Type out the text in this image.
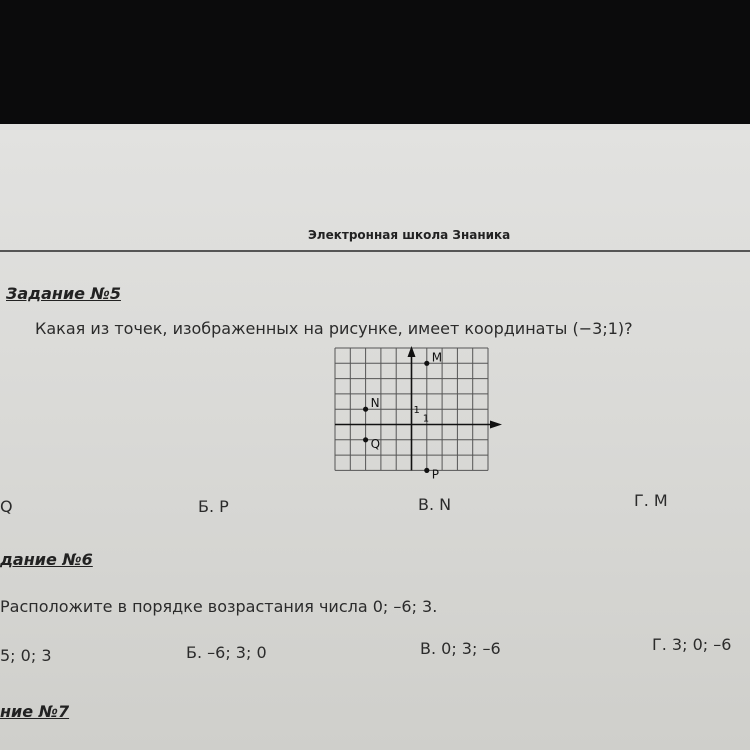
Электронная школа Знаника
Задание №5
Какая из точек, изображенных на рисунке, имеет координаты (−3;1)?
1
1
M
N
Q
P
Q	Б. P	В. N	Г. M
дание №6
Расположите в порядке возрастания числа 0; –6; 3.
5; 0; 3	Б. –6; 3; 0	В. 0; 3; –6	Г. 3; 0; –6
ние №7
